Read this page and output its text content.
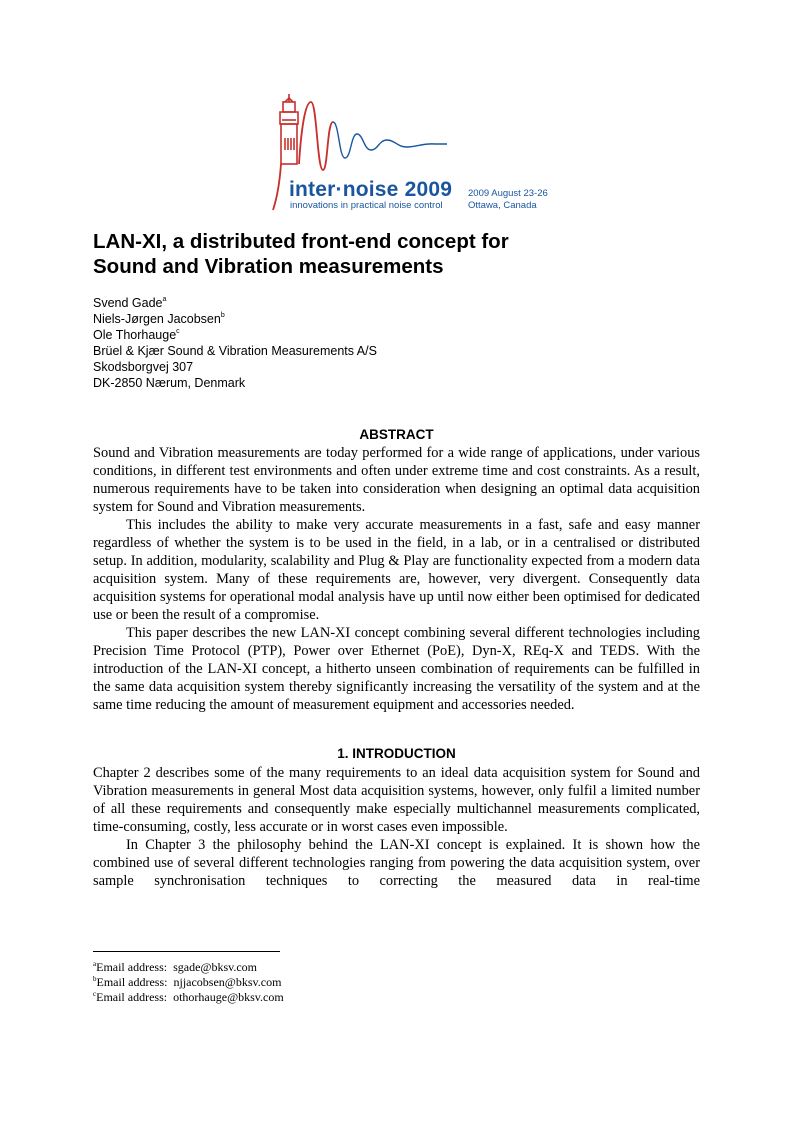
inter·noise 2009
innovations in practical noise control
2009 August 23-26
Ottawa, Canada
LAN-XI, a distributed front-end concept for
Sound and Vibration measurements
Svend Gade$^a$
Niels-Jørgen Jacobsen$^b$
Ole Thorhauge$^c$
Brüel & Kjær Sound & Vibration Measurements A/S
Skodsborgvej 307
DK-2850 Nærum, Denmark
ABSTRACT

Sound and Vibration measurements are today performed for a wide range of applications, under various conditions, in different test environments and often under extreme time and cost constraints. As a result, numerous requirements have to be taken into consideration when designing an optimal data acquisition system for Sound and Vibration measurements.

This includes the ability to make very accurate measurements in a fast, safe and easy manner regardless of whether the system is to be used in the field, in a lab, or in a centralised or distributed setup. In addition, modularity, scalability and Plug & Play are functionality expected from a modern data acquisition system. Many of these requirements are, however, very divergent. Consequently data acquisition systems for operational modal analysis have up until now either been optimised for dedicated use or been the result of a compromise.

This paper describes the new LAN-XI concept combining several different technologies including Precision Time Protocol (PTP), Power over Ethernet (PoE), Dyn-X, REq-X and TEDS. With the introduction of the LAN-XI concept, a hitherto unseen combination of requirements can be fulfilled in the same data acquisition system thereby significantly increasing the versatility of the system and at the same time reducing the amount of measurement equipment and accessories needed.

1. INTRODUCTION

Chapter 2 describes some of the many requirements to an ideal data acquisition system for Sound and Vibration measurements in general Most data acquisition systems, however, only fulfil a limited number of all these requirements and consequently make especially multichannel measurements complicated, time-consuming, costly, less accurate or in worst cases even impossible.

In Chapter 3 the philosophy behind the LAN-XI concept is explained. It is shown how the combined use of several different technologies ranging from powering the data acquisition system, over sample synchronisation techniques to correcting the measured data in real-time

$^a$Email address: sgade@bksv.com
$^b$Email address: njjacobsen@bksv.com
$^c$Email address: othorhauge@bksv.com
